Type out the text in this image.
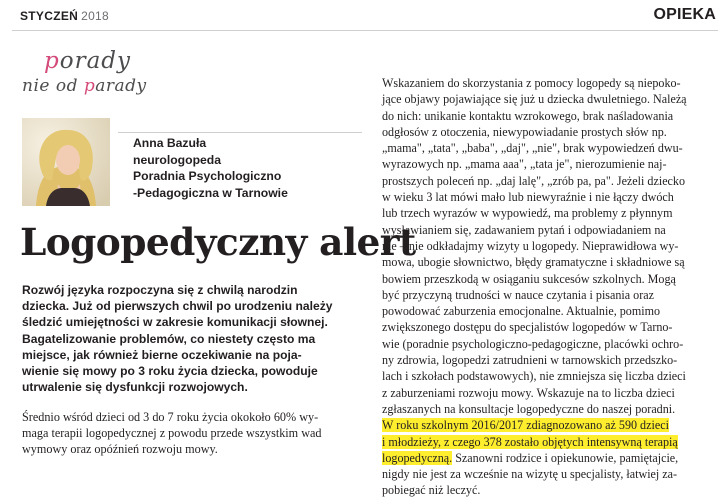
STYCZEŃ 2018	OPIEKA
porady
nie od parady
Anna Bazuła
neurologopeda
Poradnia Psychologiczno
-Pedagogiczna w Tarnowie
Logopedyczny alert

Rozwój języka rozpoczyna się z chwilą narodzin

dziecka. Już od pierwszych chwil po urodzeniu należy

śledzić umiejętności w zakresie komunikacji słownej.

Bagatelizowanie problemów, co niestety często ma

miejsce, jak również bierne oczekiwanie na poja-

wienie się mowy po 3 roku życia dziecka, powoduje

utrwalenie się dysfunkcji rozwojowych.

Średnio wśród dzieci od 3 do 7 roku życia okokoło 60% wy-

maga terapii logopedycznej z powodu przede wszystkim wad

wymowy oraz opóźnień rozwoju mowy.

Wskazaniem do skorzystania z pomocy logopedy są niepoko-

jące objawy pojawiające się już u dziecka dwuletniego. Należą

do nich: unikanie kontaktu wzrokowego, brak naśladowania

odgłosów z otoczenia, niewypowiadanie prostych słów np.

„mama", „tata", „baba", „daj", „nie", brak wypowiedzeń dwu-

wyrazowych np. „mama aaa", „tata je", nierozumienie naj-

prostszych poleceń np. „daj lalę", „zrób pa, pa". Jeżeli dziecko

w wieku 3 lat mówi mało lub niewyraźnie i nie łączy dwóch

lub trzech wyrazów w wypowiedź, ma problemy z płynnym

wysławianiem się, zadawaniem pytań i odpowiadaniem na

nie – nie odkładajmy wizyty u logopedy. Nieprawidłowa wy-

mowa, ubogie słownictwo, błędy gramatyczne i składniowe są

bowiem przeszkodą w osiąganiu sukcesów szkolnych. Mogą

być przyczyną trudności w nauce czytania i pisania oraz

powodować zaburzenia emocjonalne. Aktualnie, pomimo

zwiększonego dostępu do specjalistów logopedów w Tarno-

wie (poradnie psychologiczno-pedagogiczne, placówki ochro-

ny zdrowia, logopedzi zatrudnieni w tarnowskich przedszko-

lach i szkołach podstawowych), nie zmniejsza się liczba dzieci

z zaburzeniami rozwoju mowy. Wskazuje na to liczba dzieci

zgłaszanych na konsultacje logopedyczne do naszej poradni.

W roku szkolnym 2016/2017 zdiagnozowano aż 590 dzieci

i młodzieży, z czego 378 zostało objętych intensywną terapią

logopedyczną. Szanowni rodzice i opiekunowie, pamiętajcie,

nigdy nie jest za wcześnie na wizytę u specjalisty, łatwiej za-

pobiegać niż leczyć.
